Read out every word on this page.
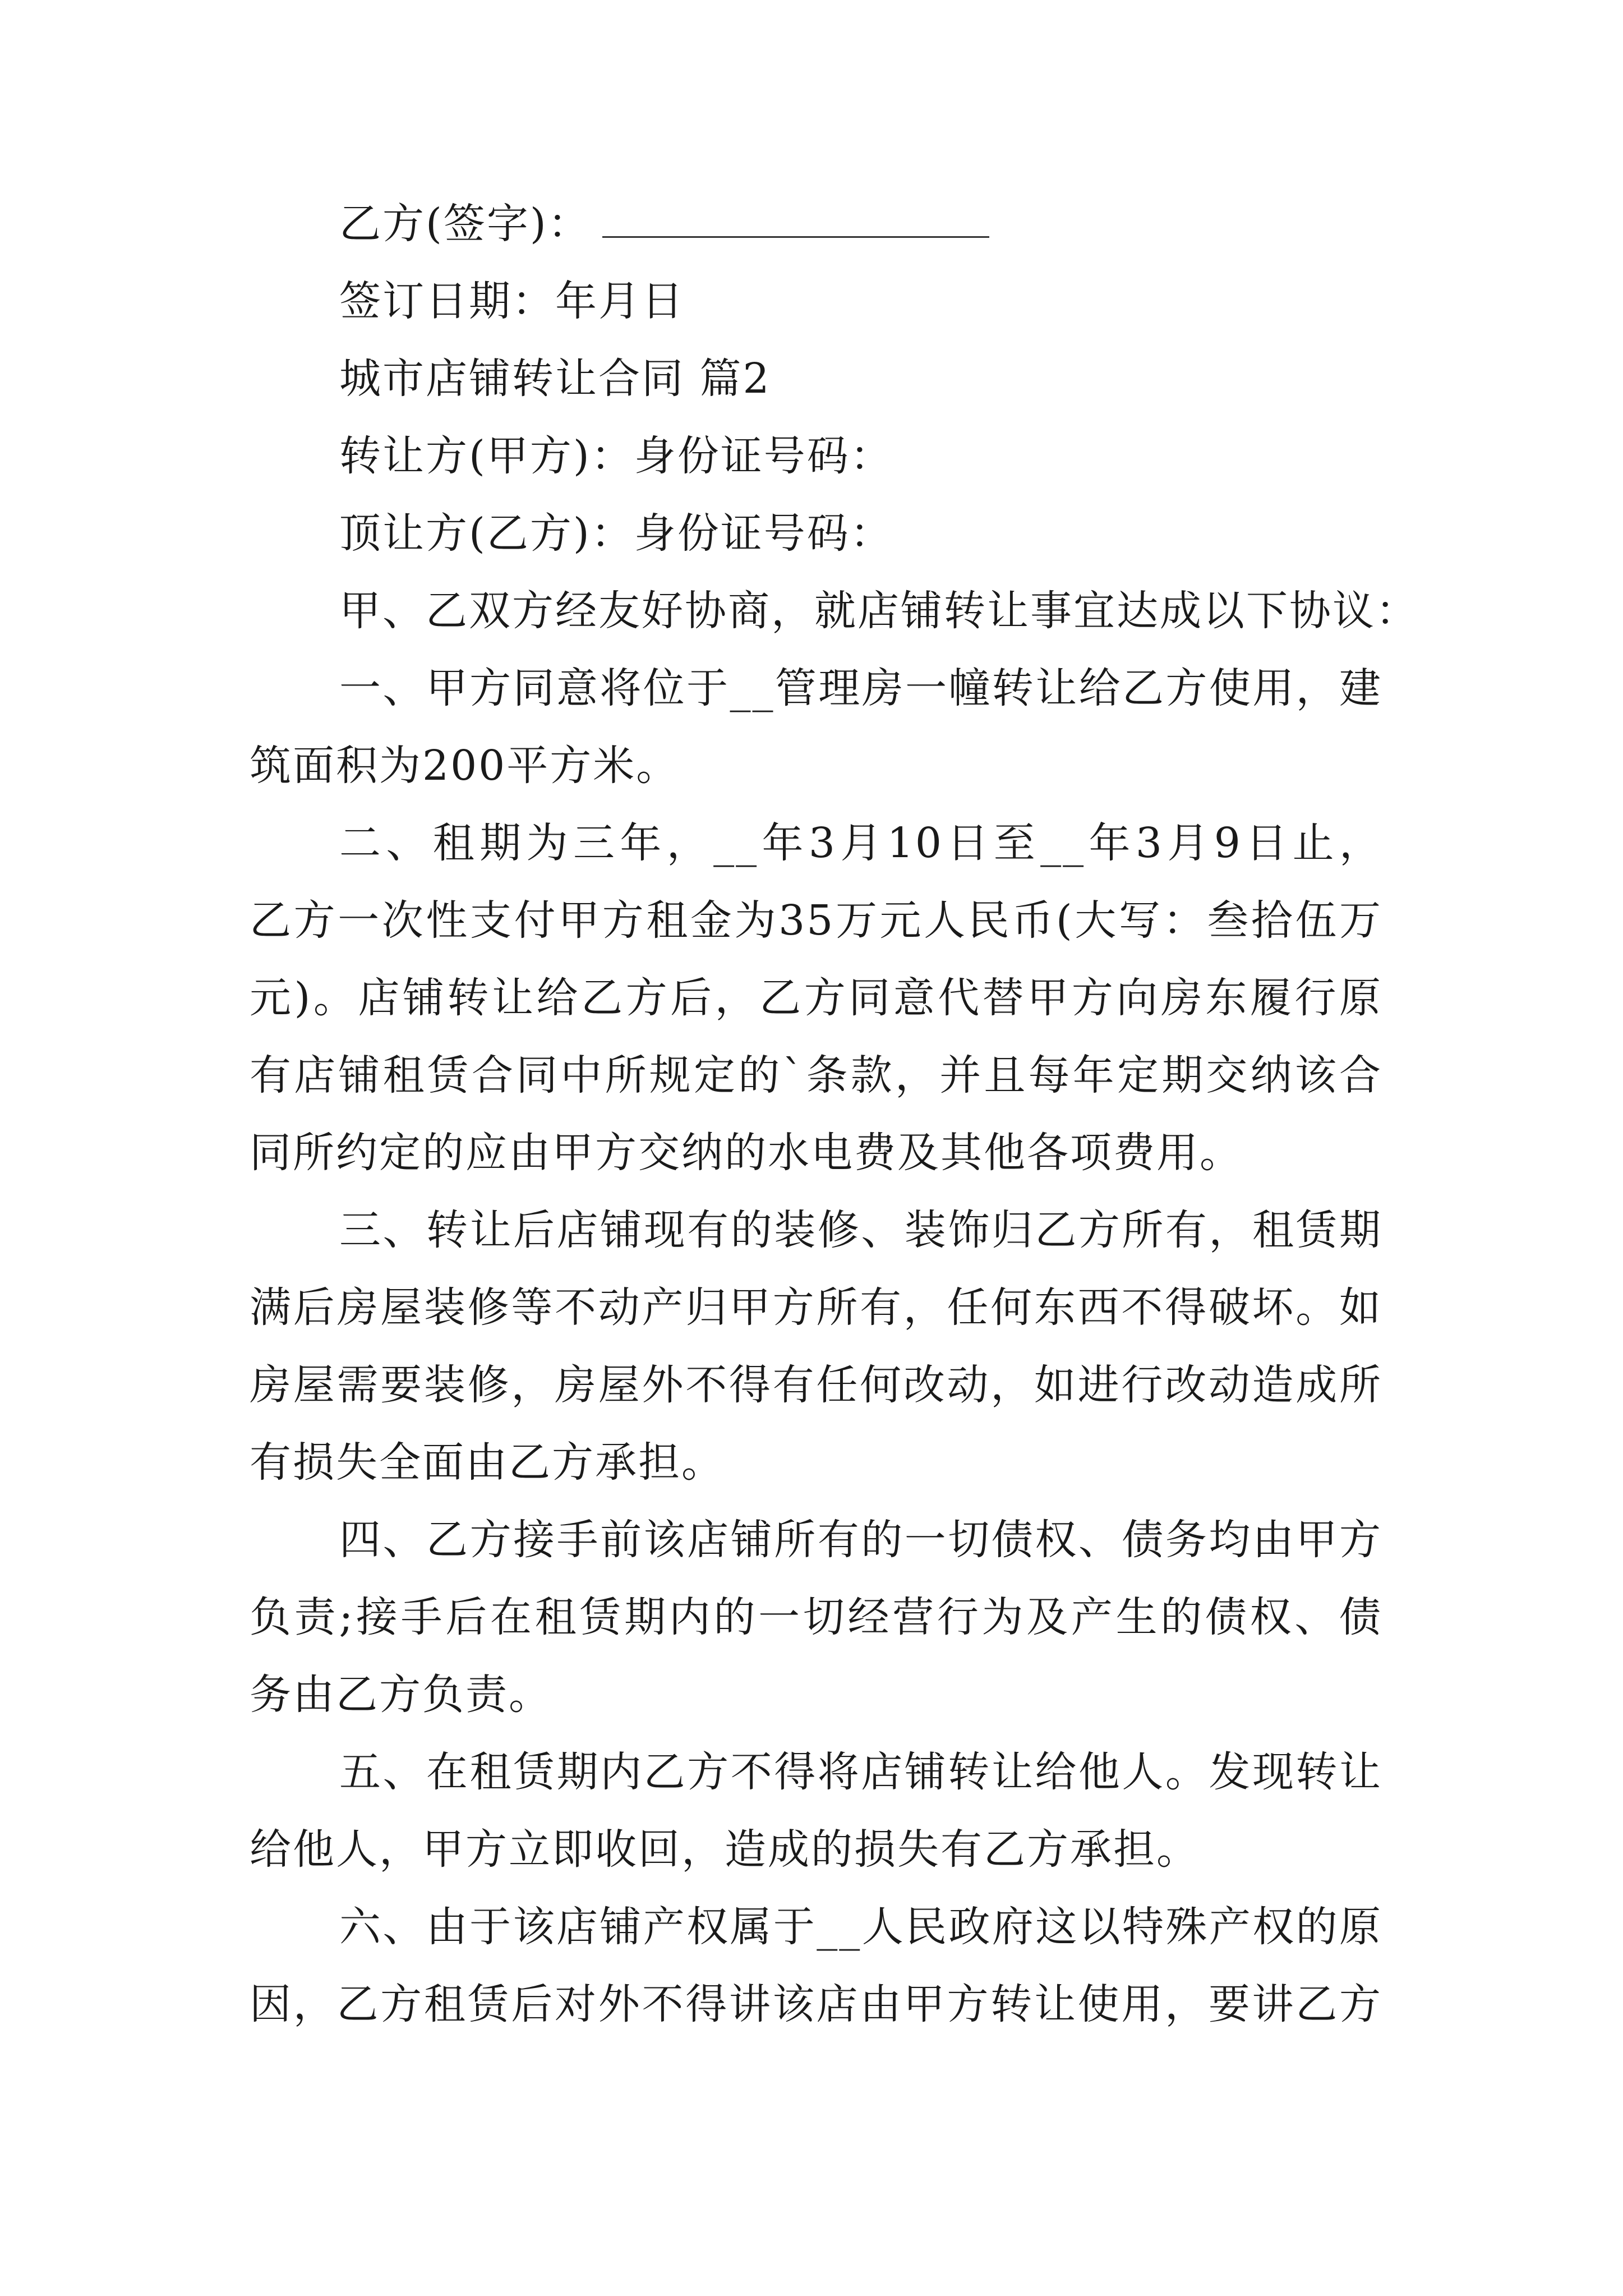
乙方(签字)：

签订日期：年月日

城市店铺转让合同 篇2

转让方(甲方)：身份证号码：

顶让方(乙方)：身份证号码：

甲、乙双方经友好协商，就店铺转让事宜达成以下协议：

一、甲方同意将位于__管理房一幢转让给乙方使用，建

筑面积为200平方米。

二、租期为三年，__年3月10日至__年3月9日止，

乙方一次性支付甲方租金为35万元人民币(大写：叁拾伍万

元)。店铺转让给乙方后，乙方同意代替甲方向房东履行原

有店铺租赁合同中所规定的`条款，并且每年定期交纳该合

同所约定的应由甲方交纳的水电费及其他各项费用。

三、转让后店铺现有的装修、装饰归乙方所有，租赁期

满后房屋装修等不动产归甲方所有，任何东西不得破坏。如

房屋需要装修，房屋外不得有任何改动，如进行改动造成所

有损失全面由乙方承担。

四、乙方接手前该店铺所有的一切债权、债务均由甲方

负责;接手后在租赁期内的一切经营行为及产生的债权、债

务由乙方负责。

五、在租赁期内乙方不得将店铺转让给他人。发现转让

给他人，甲方立即收回，造成的损失有乙方承担。

六、由于该店铺产权属于__人民政府这以特殊产权的原

因，乙方租赁后对外不得讲该店由甲方转让使用，要讲乙方
